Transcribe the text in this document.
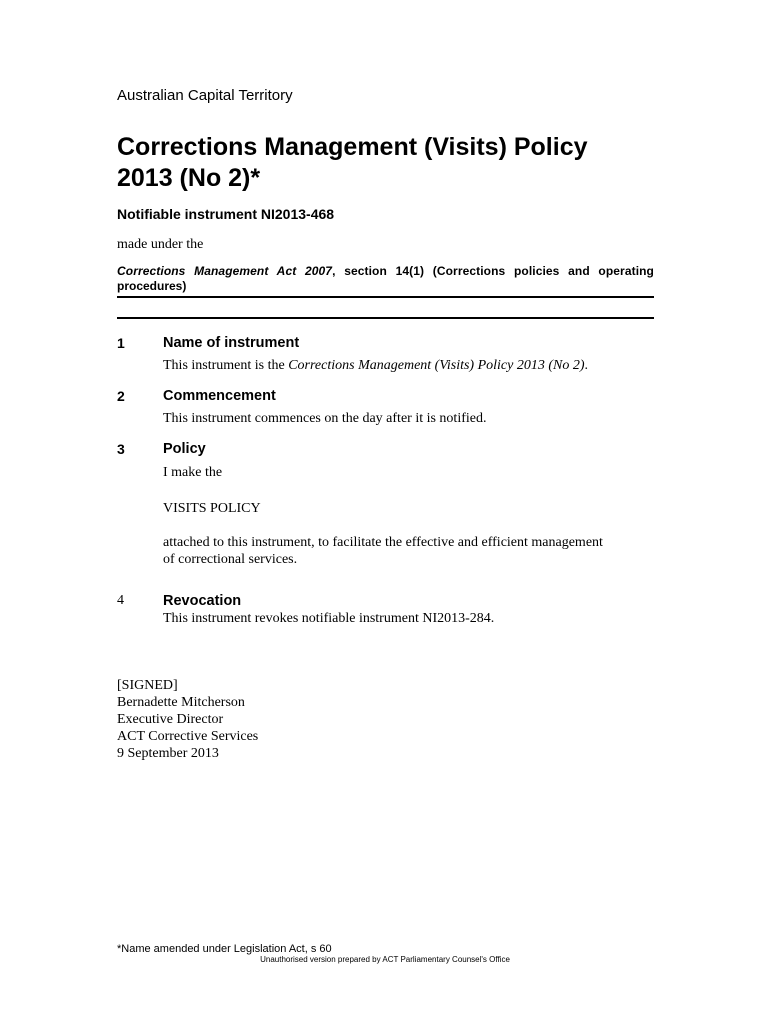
Australian Capital Territory
Corrections Management (Visits) Policy
2013 (No 2)*
Notifiable instrument NI2013-468
made under the
Corrections Management Act 2007, section 14(1) (Corrections policies and operating
procedures)
1	Name of instrument
This instrument is the Corrections Management (Visits) Policy 2013 (No 2).
2	Commencement
This instrument commences on the day after it is notified.
3	Policy
I make the
VISITS POLICY
attached to this instrument, to facilitate the effective and efficient management
of correctional services.
4	Revocation
This instrument revokes notifiable instrument NI2013-284.
[SIGNED]
Bernadette Mitcherson
Executive Director
ACT Corrective Services
9 September 2013
*Name amended under Legislation Act, s 60
Unauthorised version prepared by ACT Parliamentary Counsel's Office
